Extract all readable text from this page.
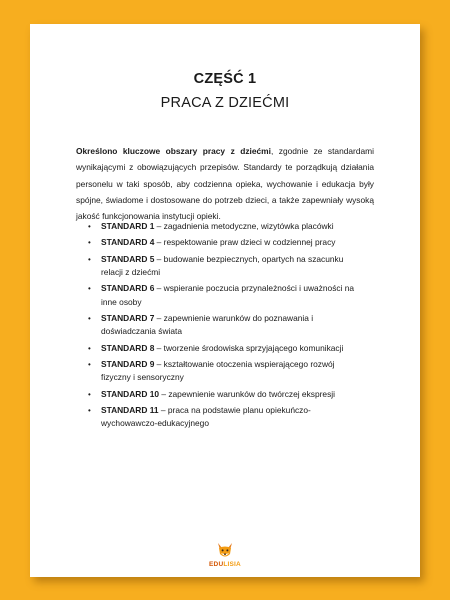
CZĘŚĆ 1
PRACA Z DZIEĆMI

Określono kluczowe obszary pracy z dziećmi, zgodnie ze standardami wynikającymi z obowiązujących przepisów. Standardy te porządkują działania personelu w taki sposób, aby codzienna opieka, wychowanie i edukacja były spójne, świadome i dostosowane do potrzeb dzieci, a także zapewniały wysoką jakość funkcjonowania instytucji opieki.

• STANDARD 1 – zagadnienia metodyczne, wizytówka placówki
• STANDARD 4 – respektowanie praw dzieci w codziennej pracy
• STANDARD 5 – budowanie bezpiecznych, opartych na szacunku relacji z dziećmi
• STANDARD 6 – wspieranie poczucia przynależności i uważności na inne osoby
• STANDARD 7 – zapewnienie warunków do poznawania i doświadczania świata
• STANDARD 8 – tworzenie środowiska sprzyjającego komunikacji
• STANDARD 9 – kształtowanie otoczenia wspierającego rozwój fizyczny i sensoryczny
• STANDARD 10 – zapewnienie warunków do twórczej ekspresji
• STANDARD 11 – praca na podstawie planu opiekuńczo-wychowawczo-edukacyjnego
EDULISIA
